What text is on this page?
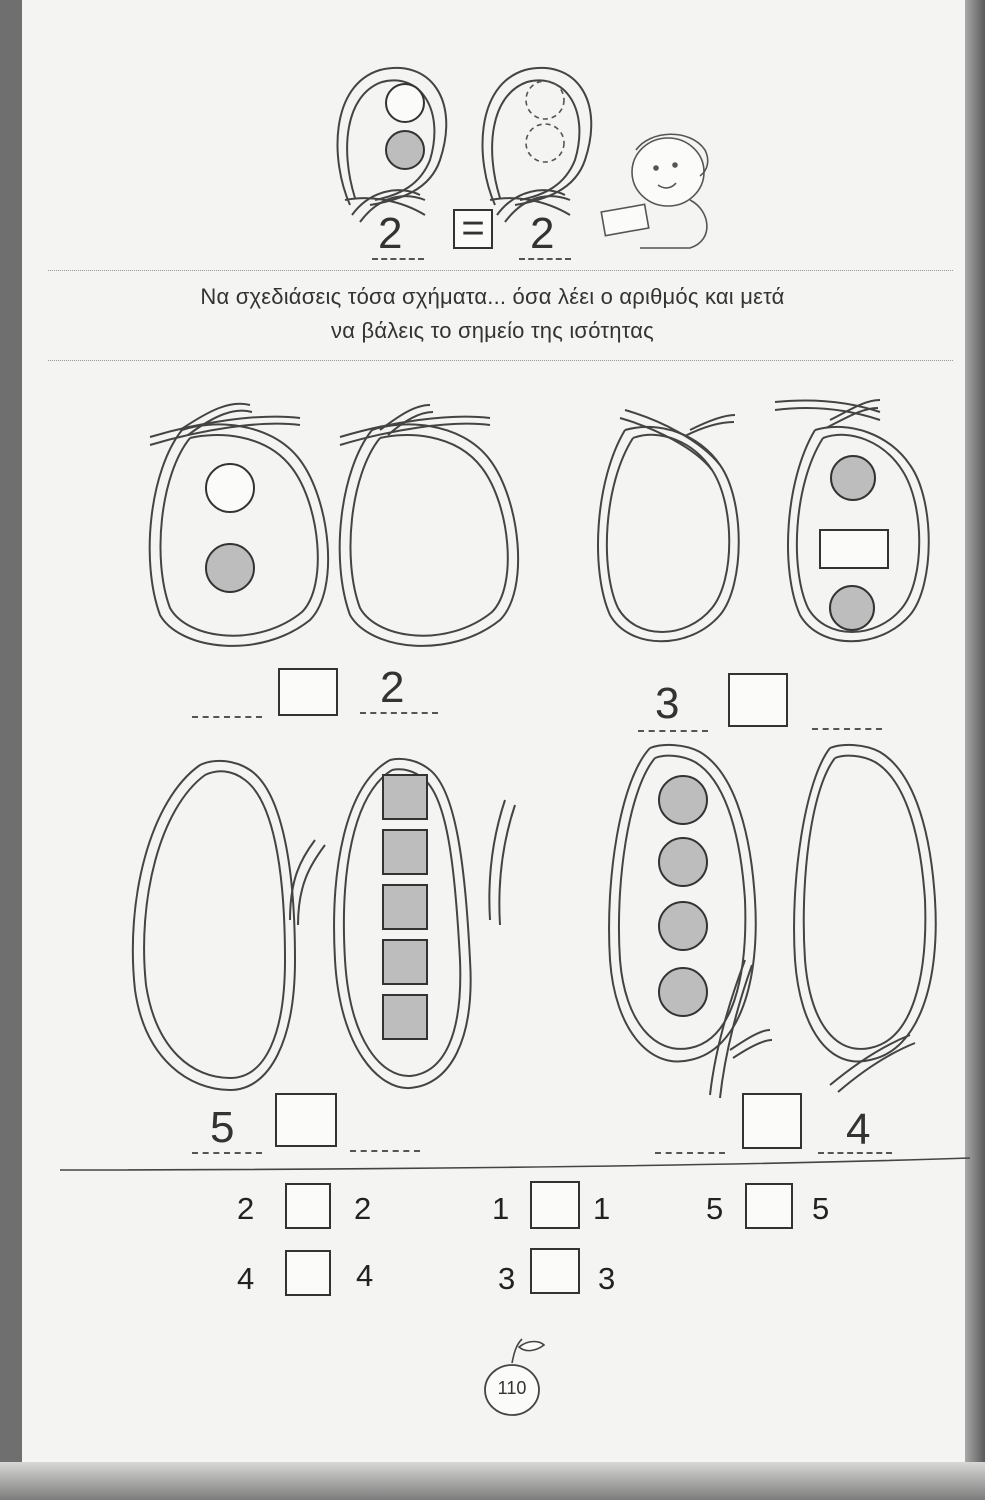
2 = 2
Να σχεδιάσεις τόσα σχήματα... όσα λέει ο αριθμός και μετά
να βάλεις το σημείο της ισότητας
2	3
5	4
2	2	1	1	5	5
4	4	3	3
110
